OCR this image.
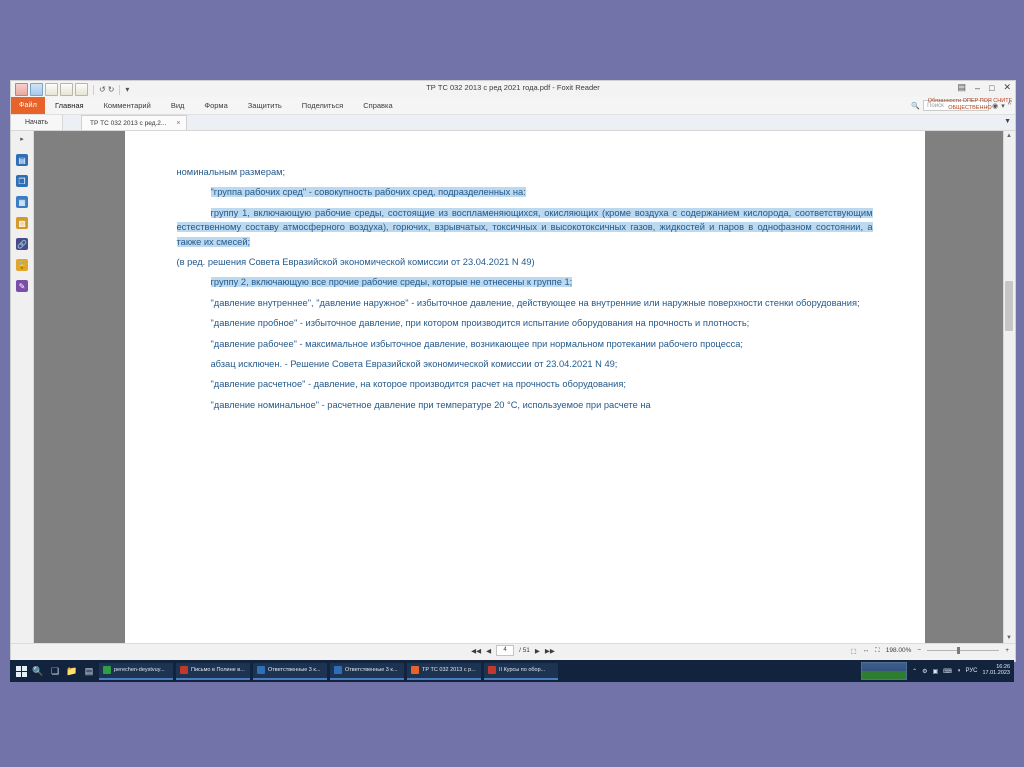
↺ ↻ ▾	ТР ТС 032 2013 с ред 2021 года.pdf - Foxit Reader	▤ – □ ✕
Файл	Главная	Комментарий	Вид	Форма	Защитить	Поделиться	Справка	🔍	Поиск	◉ ▾ ^
Начать	ТР ТС 032 2013 с ред.2... ×	▼
Обязанности ОПЕР ПОЯ СНИТЕ ОБЩЕСТВЕННО
▸
▤
❐
▦
▩
🔗
🔒
✎

номинальным размерам;

"группа рабочих сред" - совокупность рабочих сред, подразделенных на:

группу 1, включающую рабочие среды, состоящие из воспламеняющихся, окисляющих (кроме воздуха с содержанием кислорода, соответствующим естественному составу атмосферного воздуха), горючих, взрывчатых, токсичных и высокотоксичных газов, жидкостей и паров в однофазном состоянии, а также их смесей;

(в ред. решения Совета Евразийской экономической комиссии от 23.04.2021 N 49)

группу 2, включающую все прочие рабочие среды, которые не отнесены к группе 1;

"давление внутреннее", "давление наружное" - избыточное давление, действующее на внутренние или наружные поверхности стенки оборудования;

"давление пробное" - избыточное давление, при котором производится испытание оборудования на прочность и плотность;

"давление рабочее" - максимальное избыточное давление, возникающее при нормальном протекании рабочего процесса;

абзац исключен. - Решение Совета Евразийской экономической комиссии от 23.04.2021 N 49;

"давление расчетное" - давление, на которое производится расчет на прочность оборудования;

"давление номинальное" - расчетное давление при температуре 20 °C, используемое при расчете на

▲
▼
◀◀ ◀	4	/ 51 ▶ ▶▶	⬚ ↔ ⛶ 198.00% −	+
🔍 ❏ 📁 ▤	perechen-deystvuy...	Письмо в Полине в...	Ответственные 3 к...	Ответственные 3 к...	ТР ТС 032 2013 с р...	II Курсы по обор...	⌃ ⚙ ▣ ⌨ ◑ РУС
16:26
17.01.2023
